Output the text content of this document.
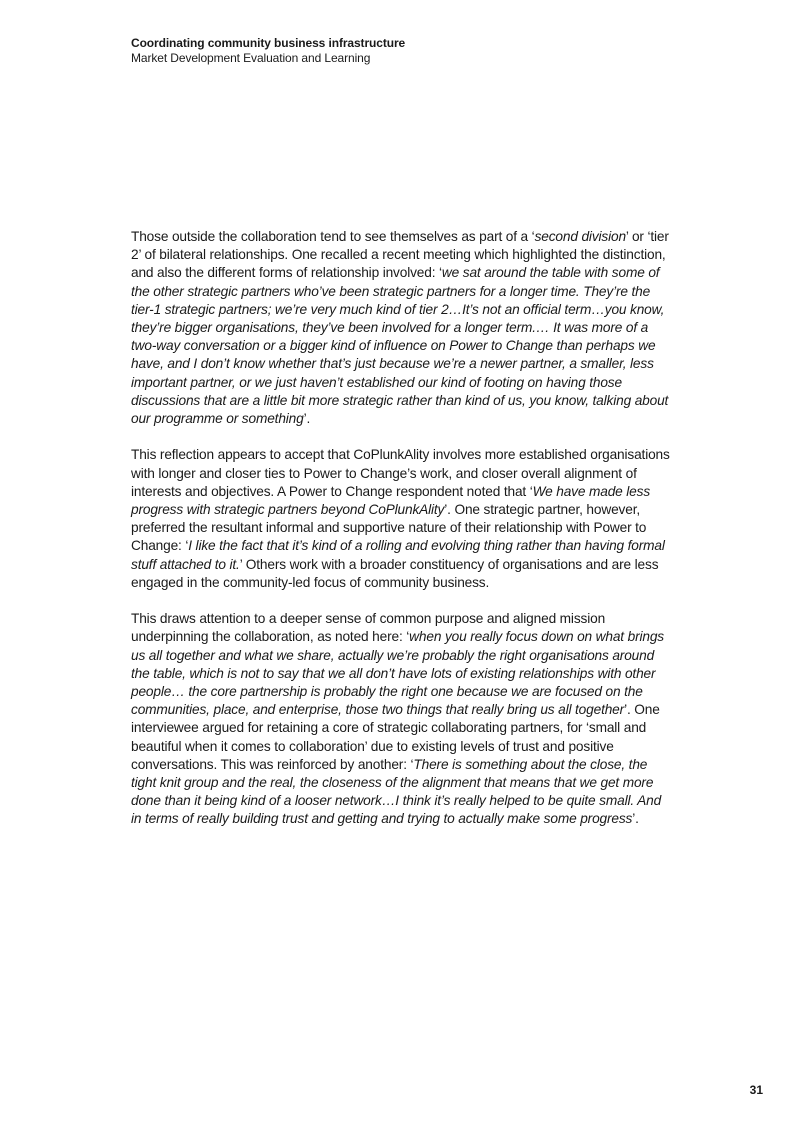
Coordinating community business infrastructure
Market Development Evaluation and Learning

Those outside the collaboration tend to see themselves as part of a ‘second division’ or ‘tier 2’ of bilateral relationships. One recalled a recent meeting which highlighted the distinction, and also the different forms of relationship involved: ‘we sat around the table with some of the other strategic partners who’ve been strategic partners for a longer time. They’re the tier-1 strategic partners; we’re very much kind of tier 2…It’s not an official term…you know, they’re bigger organisations, they’ve been involved for a longer term.… It was more of a two-way conversation or a bigger kind of influence on Power to Change than perhaps we have, and I don’t know whether that’s just because we’re a newer partner, a smaller, less important partner, or we just haven’t established our kind of footing on having those discussions that are a little bit more strategic rather than kind of us, you know, talking about our programme or something’.

This reflection appears to accept that CoPlunkAlity involves more established organisations with longer and closer ties to Power to Change’s work, and closer overall alignment of interests and objectives. A Power to Change respondent noted that ‘We have made less progress with strategic partners beyond CoPlunkAlity’. One strategic partner, however, preferred the resultant informal and supportive nature of their relationship with Power to Change: ‘I like the fact that it’s kind of a rolling and evolving thing rather than having formal stuff attached to it.’ Others work with a broader constituency of organisations and are less engaged in the community-led focus of community business.

This draws attention to a deeper sense of common purpose and aligned mission underpinning the collaboration, as noted here: ‘when you really focus down on what brings us all together and what we share, actually we’re probably the right organisations around the table, which is not to say that we all don’t have lots of existing relationships with other people… the core partnership is probably the right one because we are focused on the communities, place, and enterprise, those two things that really bring us all together’. One interviewee argued for retaining a core of strategic collaborating partners, for ‘small and beautiful when it comes to collaboration’ due to existing levels of trust and positive conversations. This was reinforced by another: ‘There is something about the close, the tight knit group and the real, the closeness of the alignment that means that we get more done than it being kind of a looser network…I think it’s really helped to be quite small. And in terms of really building trust and getting and trying to actually make some progress’.

31
